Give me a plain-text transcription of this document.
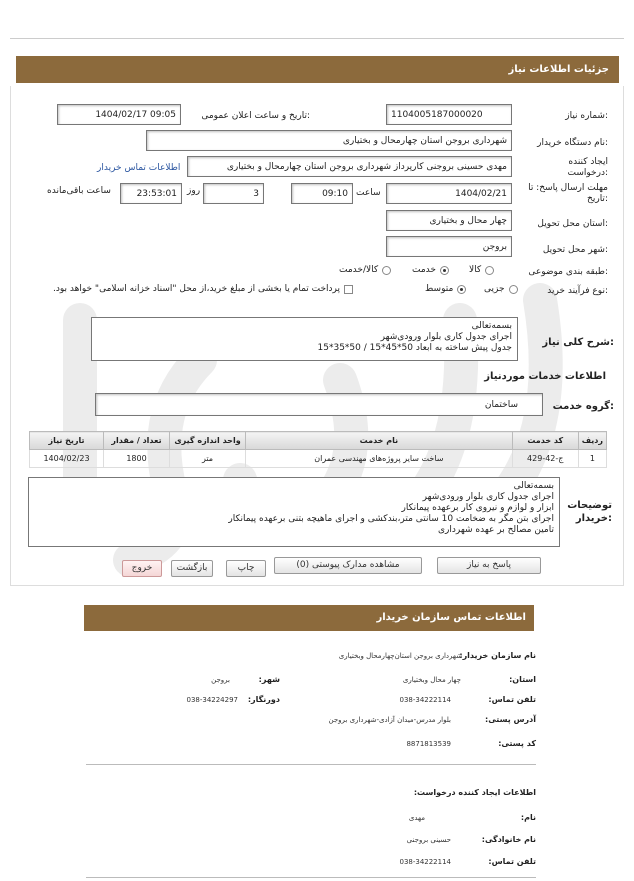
جزئیات اطلاعات نیاز
شماره نیاز:
1104005187000020
تاریخ و ساعت اعلان عمومی:
1404/02/17 09:05
نام دستگاه خریدار:
شهرداری بروجن استان چهارمحال و بختیاری
ایجاد کننده
درخواست:
مهدی حسینی بروجنی کارپرداز شهرداری بروجن استان چهارمحال و بختیاری
اطلاعات تماس خریدار
مهلت ارسال پاسخ: تا
تاریخ:
1404/02/21
ساعت
09:10
3
روز
23:53:01
ساعت باقی‌مانده
استان محل تحویل:
چهار محال و بختیاری
شهر محل تحویل:
بروجن
طبقه بندی موضوعی:
کالا
خدمت
کالا/خدمت
نوع فرآیند خرید:
جزیی
متوسط
پرداخت تمام یا بخشی از مبلغ خرید،از محل "اسناد خزانه اسلامی" خواهد بود.
شرح کلی نیاز:
بسمه‌تعالی
اجرای جدول کاری بلوار ورودی‌شهر
جدول پیش ساخته به ابعاد 50*45*15 / 50*35*15
اطلاعات خدمات موردنیاز
گروه خدمت:
ساختمان
ردیف	کد خدمت	نام خدمت	واحد اندازه گیری	تعداد / مقدار	تاریخ نیاز
1	ج-42-429	ساخت سایر پروژه‌های مهندسی عمران	متر	1800	1404/02/23
توضیحات
خریدار:
بسمه‌تعالی
اجرای جدول کاری بلوار ورودی‌شهر
ابزار و لوازم و نیروی کار برعهده پیمانکار
اجرای بتن مگر به ضخامت 10 سانتی متر،بندکشی و اجرای ماهیچه بتنی برعهده پیمانکار
تامین مصالح بر عهده شهرداری
پاسخ به نیاز
مشاهده مدارک پیوستی (0)
چاپ
بازگشت
خروج
اطلاعات تماس سازمان خریدار
نام سازمان خریدار:
شهرداری بروجن استان‌چهارمحال و‌بختیاری
استان:
چهار محال وبختیاری
شهر:
بروجن
تلفن تماس:
038-34222114
دورنگار:
038-34224297
آدرس پستی:
بلوار مدرس-میدان آزادی-شهرداری بروجن
کد پستی:
8871813539
اطلاعات ایجاد کننده درخواست:
نام:
مهدی
نام خانوادگی:
حسینی بروجنی
تلفن تماس:
038-34222114
